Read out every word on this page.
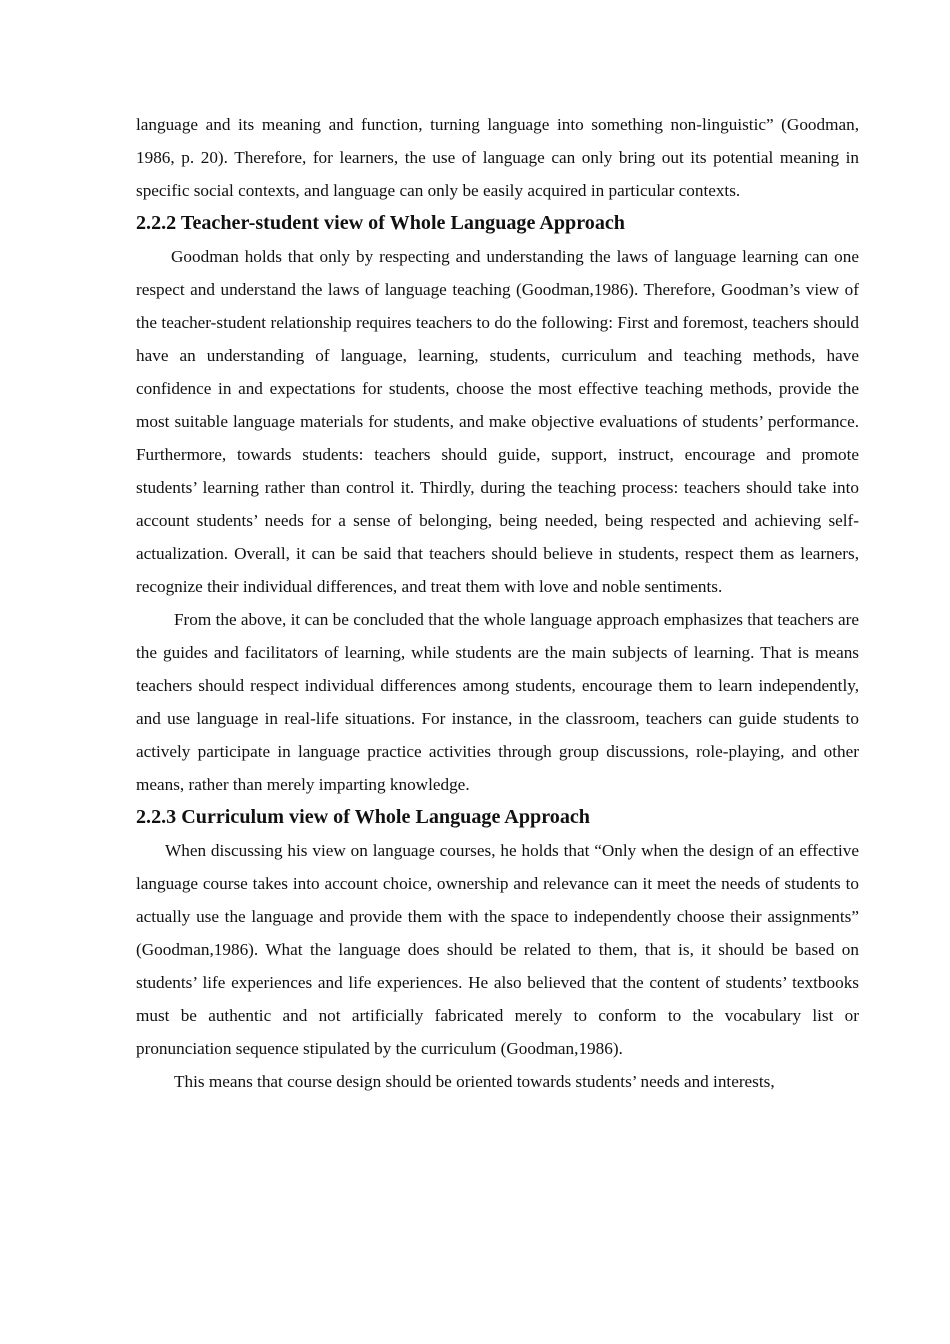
language and its meaning and function, turning language into something non-linguistic” (Goodman, 1986, p. 20). Therefore, for learners, the use of language can only bring out its potential meaning in specific social contexts, and language can only be easily acquired in particular contexts.

2.2.2 Teacher-student view of Whole Language Approach

Goodman holds that only by respecting and understanding the laws of language learning can one respect and understand the laws of language teaching (Goodman,1986). Therefore, Goodman’s view of the teacher-student relationship requires teachers to do the following: First and foremost, teachers should have an understanding of language, learning, students, curriculum and teaching methods, have confidence in and expectations for students, choose the most effective teaching methods, provide the most suitable language materials for students, and make objective evaluations of students’ performance. Furthermore, towards students: teachers should guide, support, instruct, encourage and promote students’ learning rather than control it. Thirdly, during the teaching process: teachers should take into account students’ needs for a sense of belonging, being needed, being respected and achieving self-actualization. Overall, it can be said that teachers should believe in students, respect them as learners, recognize their individual differences, and treat them with love and noble sentiments.

From the above, it can be concluded that the whole language approach emphasizes that teachers are the guides and facilitators of learning, while students are the main subjects of learning. That is means teachers should respect individual differences among students, encourage them to learn independently, and use language in real-life situations. For instance, in the classroom, teachers can guide students to actively participate in language practice activities through group discussions, role-playing, and other means, rather than merely imparting knowledge.

2.2.3 Curriculum view of Whole Language Approach

When discussing his view on language courses, he holds that “Only when the design of an effective language course takes into account choice, ownership and relevance can it meet the needs of students to actually use the language and provide them with the space to independently choose their assignments” (Goodman,1986). What the language does should be related to them, that is, it should be based on students’ life experiences and life experiences. He also believed that the content of students’ textbooks must be authentic and not artificially fabricated merely to conform to the vocabulary list or pronunciation sequence stipulated by the curriculum (Goodman,1986).

This means that course design should be oriented towards students’ needs and interests,
